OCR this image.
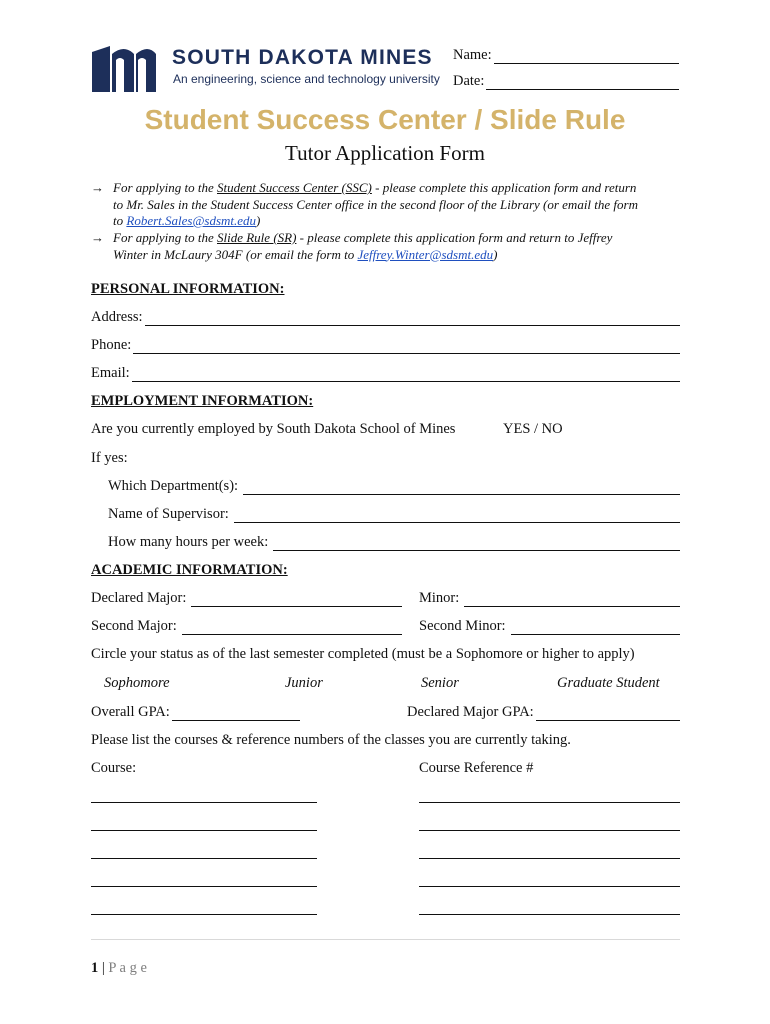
SOUTH DAKOTA MINES
An engineering, science and technology university
Name:
Date:
Student Success Center / Slide Rule
Tutor Application Form
→ For applying to the Student Success Center (SSC) - please complete this application form and return
to Mr. Sales in the Student Success Center office in the second floor of the Library (or email the form
to Robert.Sales@sdsmt.edu)
→ For applying to the Slide Rule (SR) - please complete this application form and return to Jeffrey
Winter in McLaury 304F (or email the form to Jeffrey.Winter@sdsmt.edu)
PERSONAL INFORMATION:
Address:
Phone:
Email:
EMPLOYMENT INFORMATION:
Are you currently employed by South Dakota School of Mines	YES / NO
If yes:
Which Department(s):
Name of Supervisor:
How many hours per week:
ACADEMIC INFORMATION:
Declared Major:	Minor:
Second Major:	Second Minor:
Circle your status as of the last semester completed (must be a Sophomore or higher to apply)
Sophomore	Junior	Senior	Graduate Student
Overall GPA:	Declared Major GPA:
Please list the courses & reference numbers of the classes you are currently taking.
Course:	Course Reference #

1 | P a g e
